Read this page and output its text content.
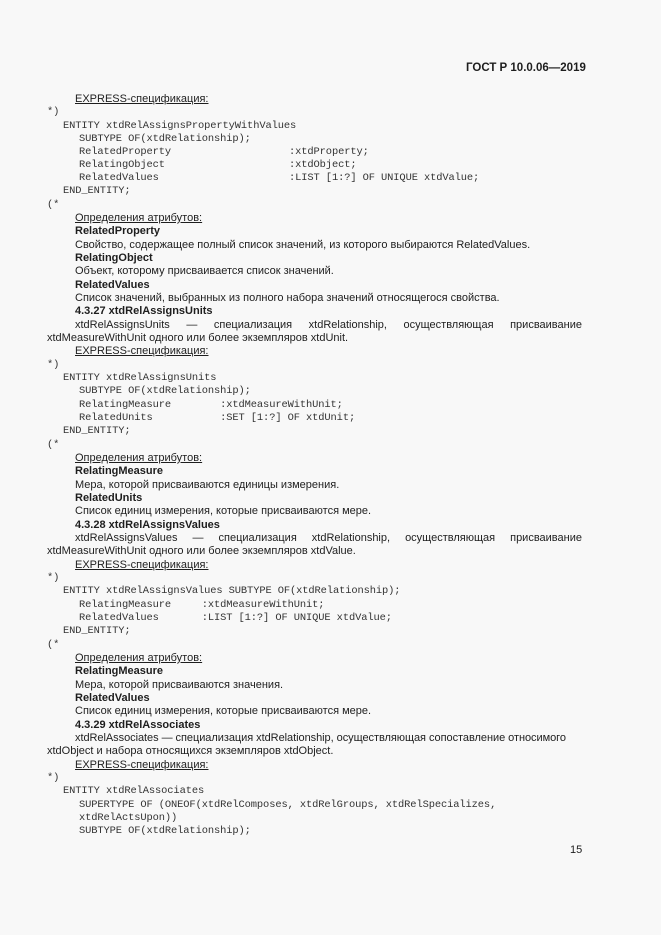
ГОСТ Р 10.0.06—2019
EXPRESS-спецификация:
*)
ENTITY xtdRelAssignsPropertyWithValues
SUBTYPE OF(xtdRelationship);
RelatedProperty	:xtdProperty;
RelatingObject	:xtdObject;
RelatedValues	:LIST [1:?] OF UNIQUE xtdValue;
END_ENTITY;
(*
Определения атрибутов:
RelatedProperty
Свойство, содержащее полный список значений, из которого выбираются RelatedValues.
RelatingObject
Объект, которому присваивается список значений.
RelatedValues
Список значений, выбранных из полного набора значений относящегося свойства.
4.3.27 xtdRelAssignsUnits
xtdRelAssignsUnits — специализация xtdRelationship, осуществляющая присваивание
xtdMeasureWithUnit одного или более экземпляров xtdUnit.
EXPRESS-спецификация:
*)
ENTITY xtdRelAssignsUnits
SUBTYPE OF(xtdRelationship);
RelatingMeasure        :xtdMeasureWithUnit;
RelatedUnits           :SET [1:?] OF xtdUnit;
END_ENTITY;
(*
Определения атрибутов:
RelatingMeasure
Мера, которой присваиваются единицы измерения.
RelatedUnits
Список единиц измерения, которые присваиваются мере.
4.3.28 xtdRelAssignsValues
xtdRelAssignsValues — специализация xtdRelationship, осуществляющая присваивание
xtdMeasureWithUnit одного или более экземпляров xtdValue.
EXPRESS-спецификация:
*)
ENTITY xtdRelAssignsValues SUBTYPE OF(xtdRelationship);
RelatingMeasure     :xtdMeasureWithUnit;
RelatedValues       :LIST [1:?] OF UNIQUE xtdValue;
END_ENTITY;
(*
Определения атрибутов:
RelatingMeasure
Мера, которой присваиваются значения.
RelatedValues
Список единиц измерения, которые присваиваются мере.
4.3.29 xtdRelAssociates
xtdRelAssociates — специализация xtdRelationship, осуществляющая сопоставление относимого
xtdObject и набора относящихся экземпляров xtdObject.
EXPRESS-спецификация:
*)
ENTITY xtdRelAssociates
SUPERTYPE OF (ONEOF(xtdRelComposes, xtdRelGroups, xtdRelSpecializes,
xtdRelActsUpon))
SUBTYPE OF(xtdRelationship);
15
